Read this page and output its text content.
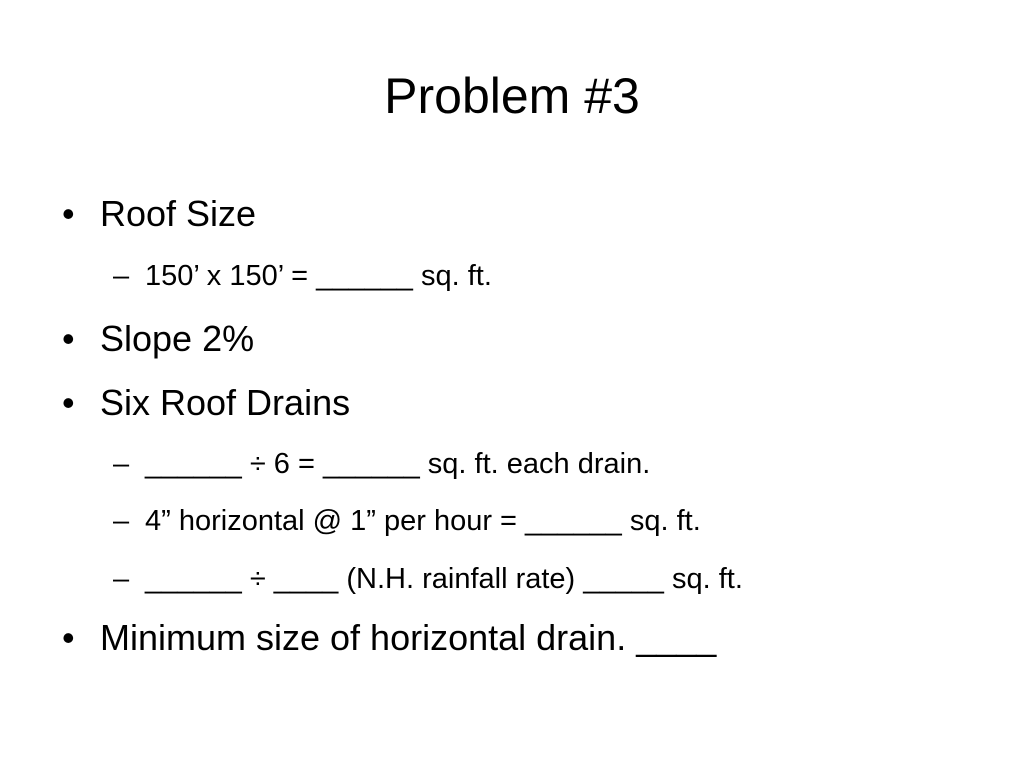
Problem #3
• Roof Size
– 150’ x 150’ = ______ sq. ft.
• Slope 2%
• Six Roof Drains
– ______ ÷ 6 = ______ sq. ft. each drain.
– 4” horizontal @ 1” per hour = ______ sq. ft.
– ______ ÷ ____ (N.H. rainfall rate) _____ sq. ft.
• Minimum size of horizontal drain. ____
